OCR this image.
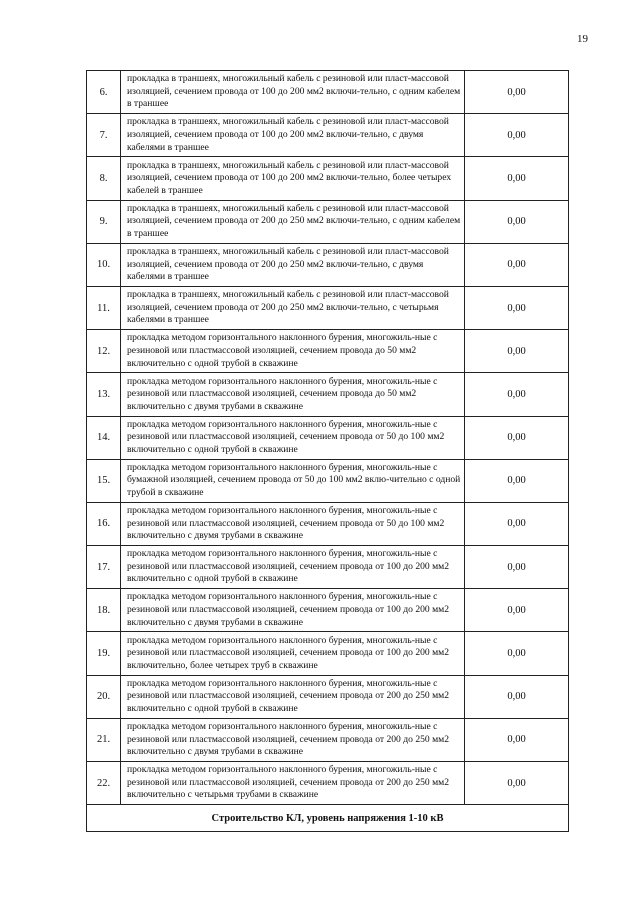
19
6.	прокладка в траншеях, многожильный кабель с резиновой или пласт-массовой изоляцией, сечением провода от 100 до 200 мм2 включи-тельно, с одним кабелем в траншее	0,00
7.	прокладка в траншеях, многожильный кабель с резиновой или пласт-массовой изоляцией, сечением провода от 100 до 200 мм2 включи-тельно, с двумя кабелями в траншее	0,00
8.	прокладка в траншеях, многожильный кабель с резиновой или пласт-массовой изоляцией, сечением провода от 100 до 200 мм2 включи-тельно, более четырех кабелей в траншее	0,00
9.	прокладка в траншеях, многожильный кабель с резиновой или пласт-массовой изоляцией, сечением провода от 200 до 250 мм2 включи-тельно, с одним кабелем в траншее	0,00
10.	прокладка в траншеях, многожильный кабель с резиновой или пласт-массовой изоляцией, сечением провода от 200 до 250 мм2 включи-тельно, с двумя кабелями в траншее	0,00
11.	прокладка в траншеях, многожильный кабель с резиновой или пласт-массовой изоляцией, сечением провода от 200 до 250 мм2 включи-тельно, с четырьмя кабелями в траншее	0,00
12.	прокладка методом горизонтального наклонного бурения, многожиль-ные с резиновой или пластмассовой изоляцией, сечением провода до 50 мм2 включительно с одной трубой в скважине	0,00
13.	прокладка методом горизонтального наклонного бурения, многожиль-ные с резиновой или пластмассовой изоляцией, сечением провода до 50 мм2 включительно с двумя трубами в скважине	0,00
14.	прокладка методом горизонтального наклонного бурения, многожиль-ные с резиновой или пластмассовой изоляцией, сечением провода от 50 до 100 мм2 включительно с одной трубой в скважине	0,00
15.	прокладка методом горизонтального наклонного бурения, многожиль-ные с бумажной изоляцией, сечением провода от 50 до 100 мм2 вклю-чительно с одной трубой в скважине	0,00
16.	прокладка методом горизонтального наклонного бурения, многожиль-ные с резиновой или пластмассовой изоляцией, сечением провода от 50 до 100 мм2 включительно с двумя трубами в скважине	0,00
17.	прокладка методом горизонтального наклонного бурения, многожиль-ные с резиновой или пластмассовой изоляцией, сечением провода от 100 до 200 мм2 включительно с одной трубой в скважине	0,00
18.	прокладка методом горизонтального наклонного бурения, многожиль-ные с резиновой или пластмассовой изоляцией, сечением провода от 100 до 200 мм2 включительно с двумя трубами в скважине	0,00
19.	прокладка методом горизонтального наклонного бурения, многожиль-ные с резиновой или пластмассовой изоляцией, сечением провода от 100 до 200 мм2 включительно, более четырех труб в скважине	0,00
20.	прокладка методом горизонтального наклонного бурения, многожиль-ные с резиновой или пластмассовой изоляцией, сечением провода от 200 до 250 мм2 включительно с одной трубой в скважине	0,00
21.	прокладка методом горизонтального наклонного бурения, многожиль-ные с резиновой или пластмассовой изоляцией, сечением провода от 200 до 250 мм2 включительно с двумя трубами в скважине	0,00
22.	прокладка методом горизонтального наклонного бурения, многожиль-ные с резиновой или пластмассовой изоляцией, сечением провода от 200 до 250 мм2 включительно с четырьмя трубами в скважине	0,00
Строительство КЛ, уровень напряжения 1-10 кВ		
